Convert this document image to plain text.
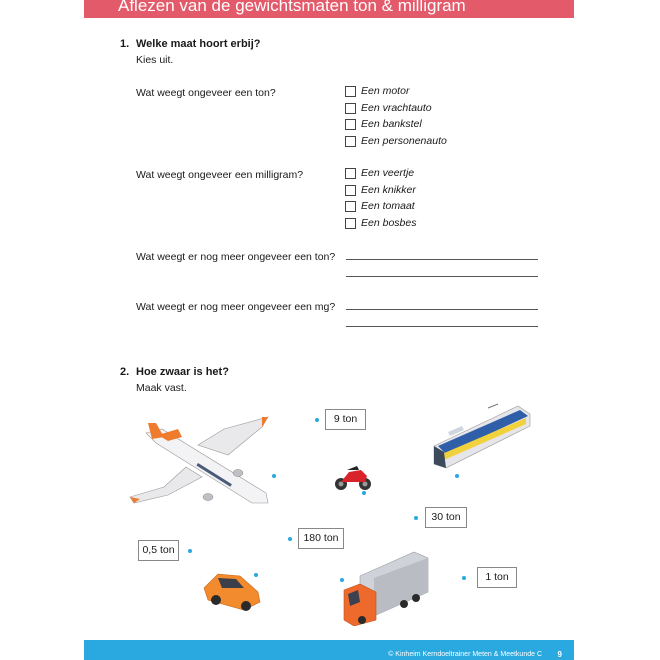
Aflezen van de gewichtsmaten ton & milligram
1. Welke maat hoort erbij?
Kies uit.
Wat weegt ongeveer een ton?	Een motor
Een vrachtauto
Een bankstel
Een personenauto
Wat weegt ongeveer een milligram?	Een veertje
Een knikker
Een tomaat
Een bosbes
Wat weegt er nog meer ongeveer een ton?
Wat weegt er nog meer ongeveer een mg?
2. Hoe zwaar is het?
Maak vast.
9 ton
30 ton
180 ton
0,5 ton
1 ton
© Kinheim Kerndoeltrainer Meten & Meetkunde C 9
